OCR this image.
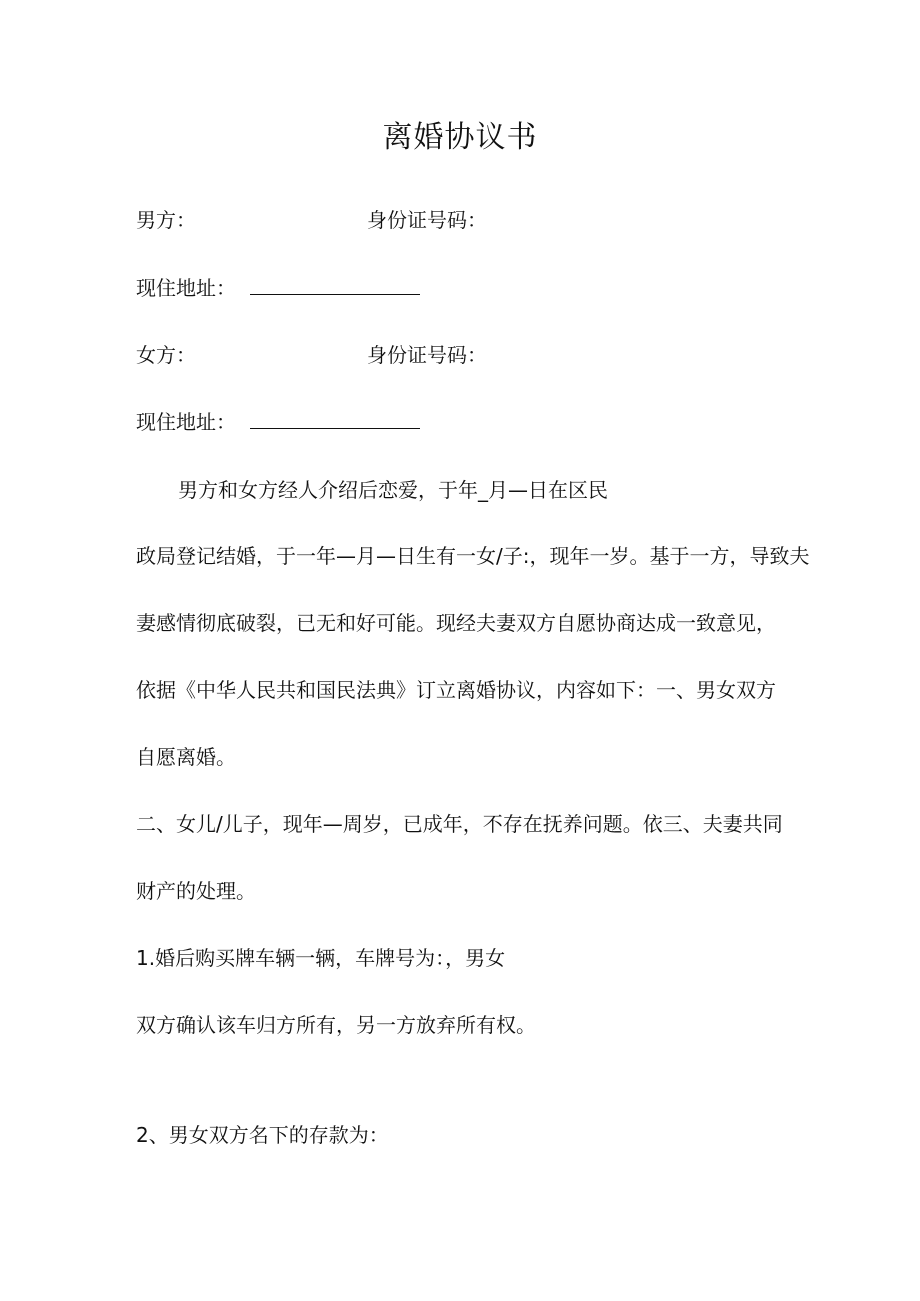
离婚协议书
男方：	身份证号码：
现住地址：
女方：	身份证号码：
现住地址：
男方和女方经人介绍后恋爱，于年_月—日在区民
政局登记结婚，于一年—月—日生有一女/子:，现年一岁。基于一方，导致夫
妻感情彻底破裂，已无和好可能。现经夫妻双方自愿协商达成一致意见，
依据《中华人民共和国民法典》订立离婚协议，内容如下：一、男女双方
自愿离婚。
二、女儿/儿子，现年—周岁，已成年，不存在抚养问题。依三、夫妻共同
财产的处理。
1.婚后购买牌车辆一辆，车牌号为：，男女
双方确认该车归方所有，另一方放弃所有权。
2、男女双方名下的存款为：
